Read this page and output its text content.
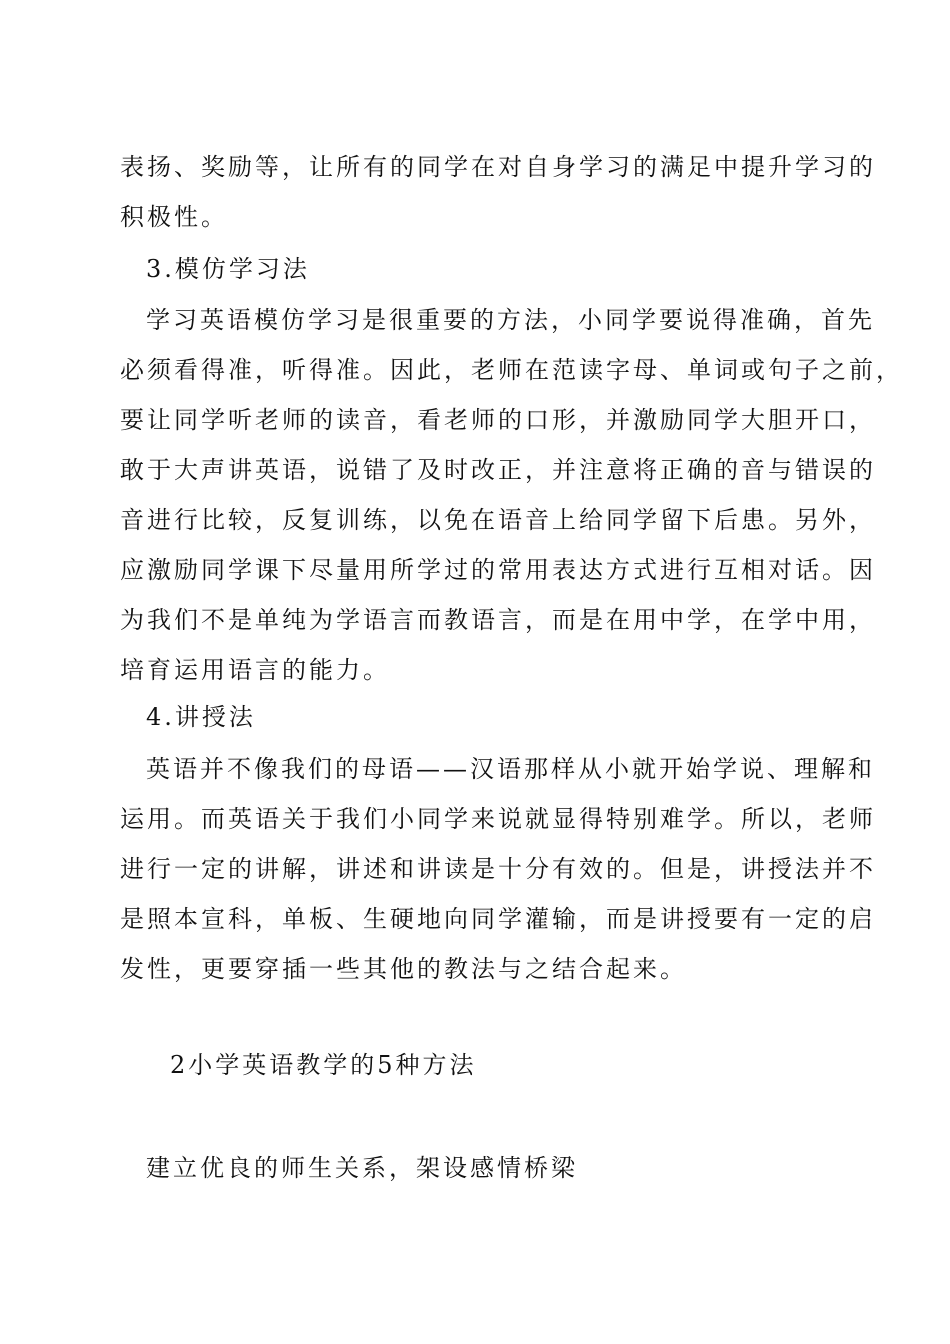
表扬、奖励等，让所有的同学在对自身学习的满足中提升学习的
积极性。
3.模仿学习法
学习英语模仿学习是很重要的方法，小同学要说得准确，首先
必须看得准，听得准。因此，老师在范读字母、单词或句子之前，
要让同学听老师的读音，看老师的口形，并激励同学大胆开口，
敢于大声讲英语，说错了及时改正，并注意将正确的音与错误的
音进行比较，反复训练，以免在语音上给同学留下后患。另外，
应激励同学课下尽量用所学过的常用表达方式进行互相对话。因
为我们不是单纯为学语言而教语言，而是在用中学，在学中用，
培育运用语言的能力。
4.讲授法
英语并不像我们的母语——汉语那样从小就开始学说、理解和
运用。而英语关于我们小同学来说就显得特别难学。所以，老师
进行一定的讲解，讲述和讲读是十分有效的。但是，讲授法并不
是照本宣科，单板、生硬地向同学灌输，而是讲授要有一定的启
发性，更要穿插一些其他的教法与之结合起来。
2小学英语教学的5种方法
建立优良的师生关系，架设感情桥梁
